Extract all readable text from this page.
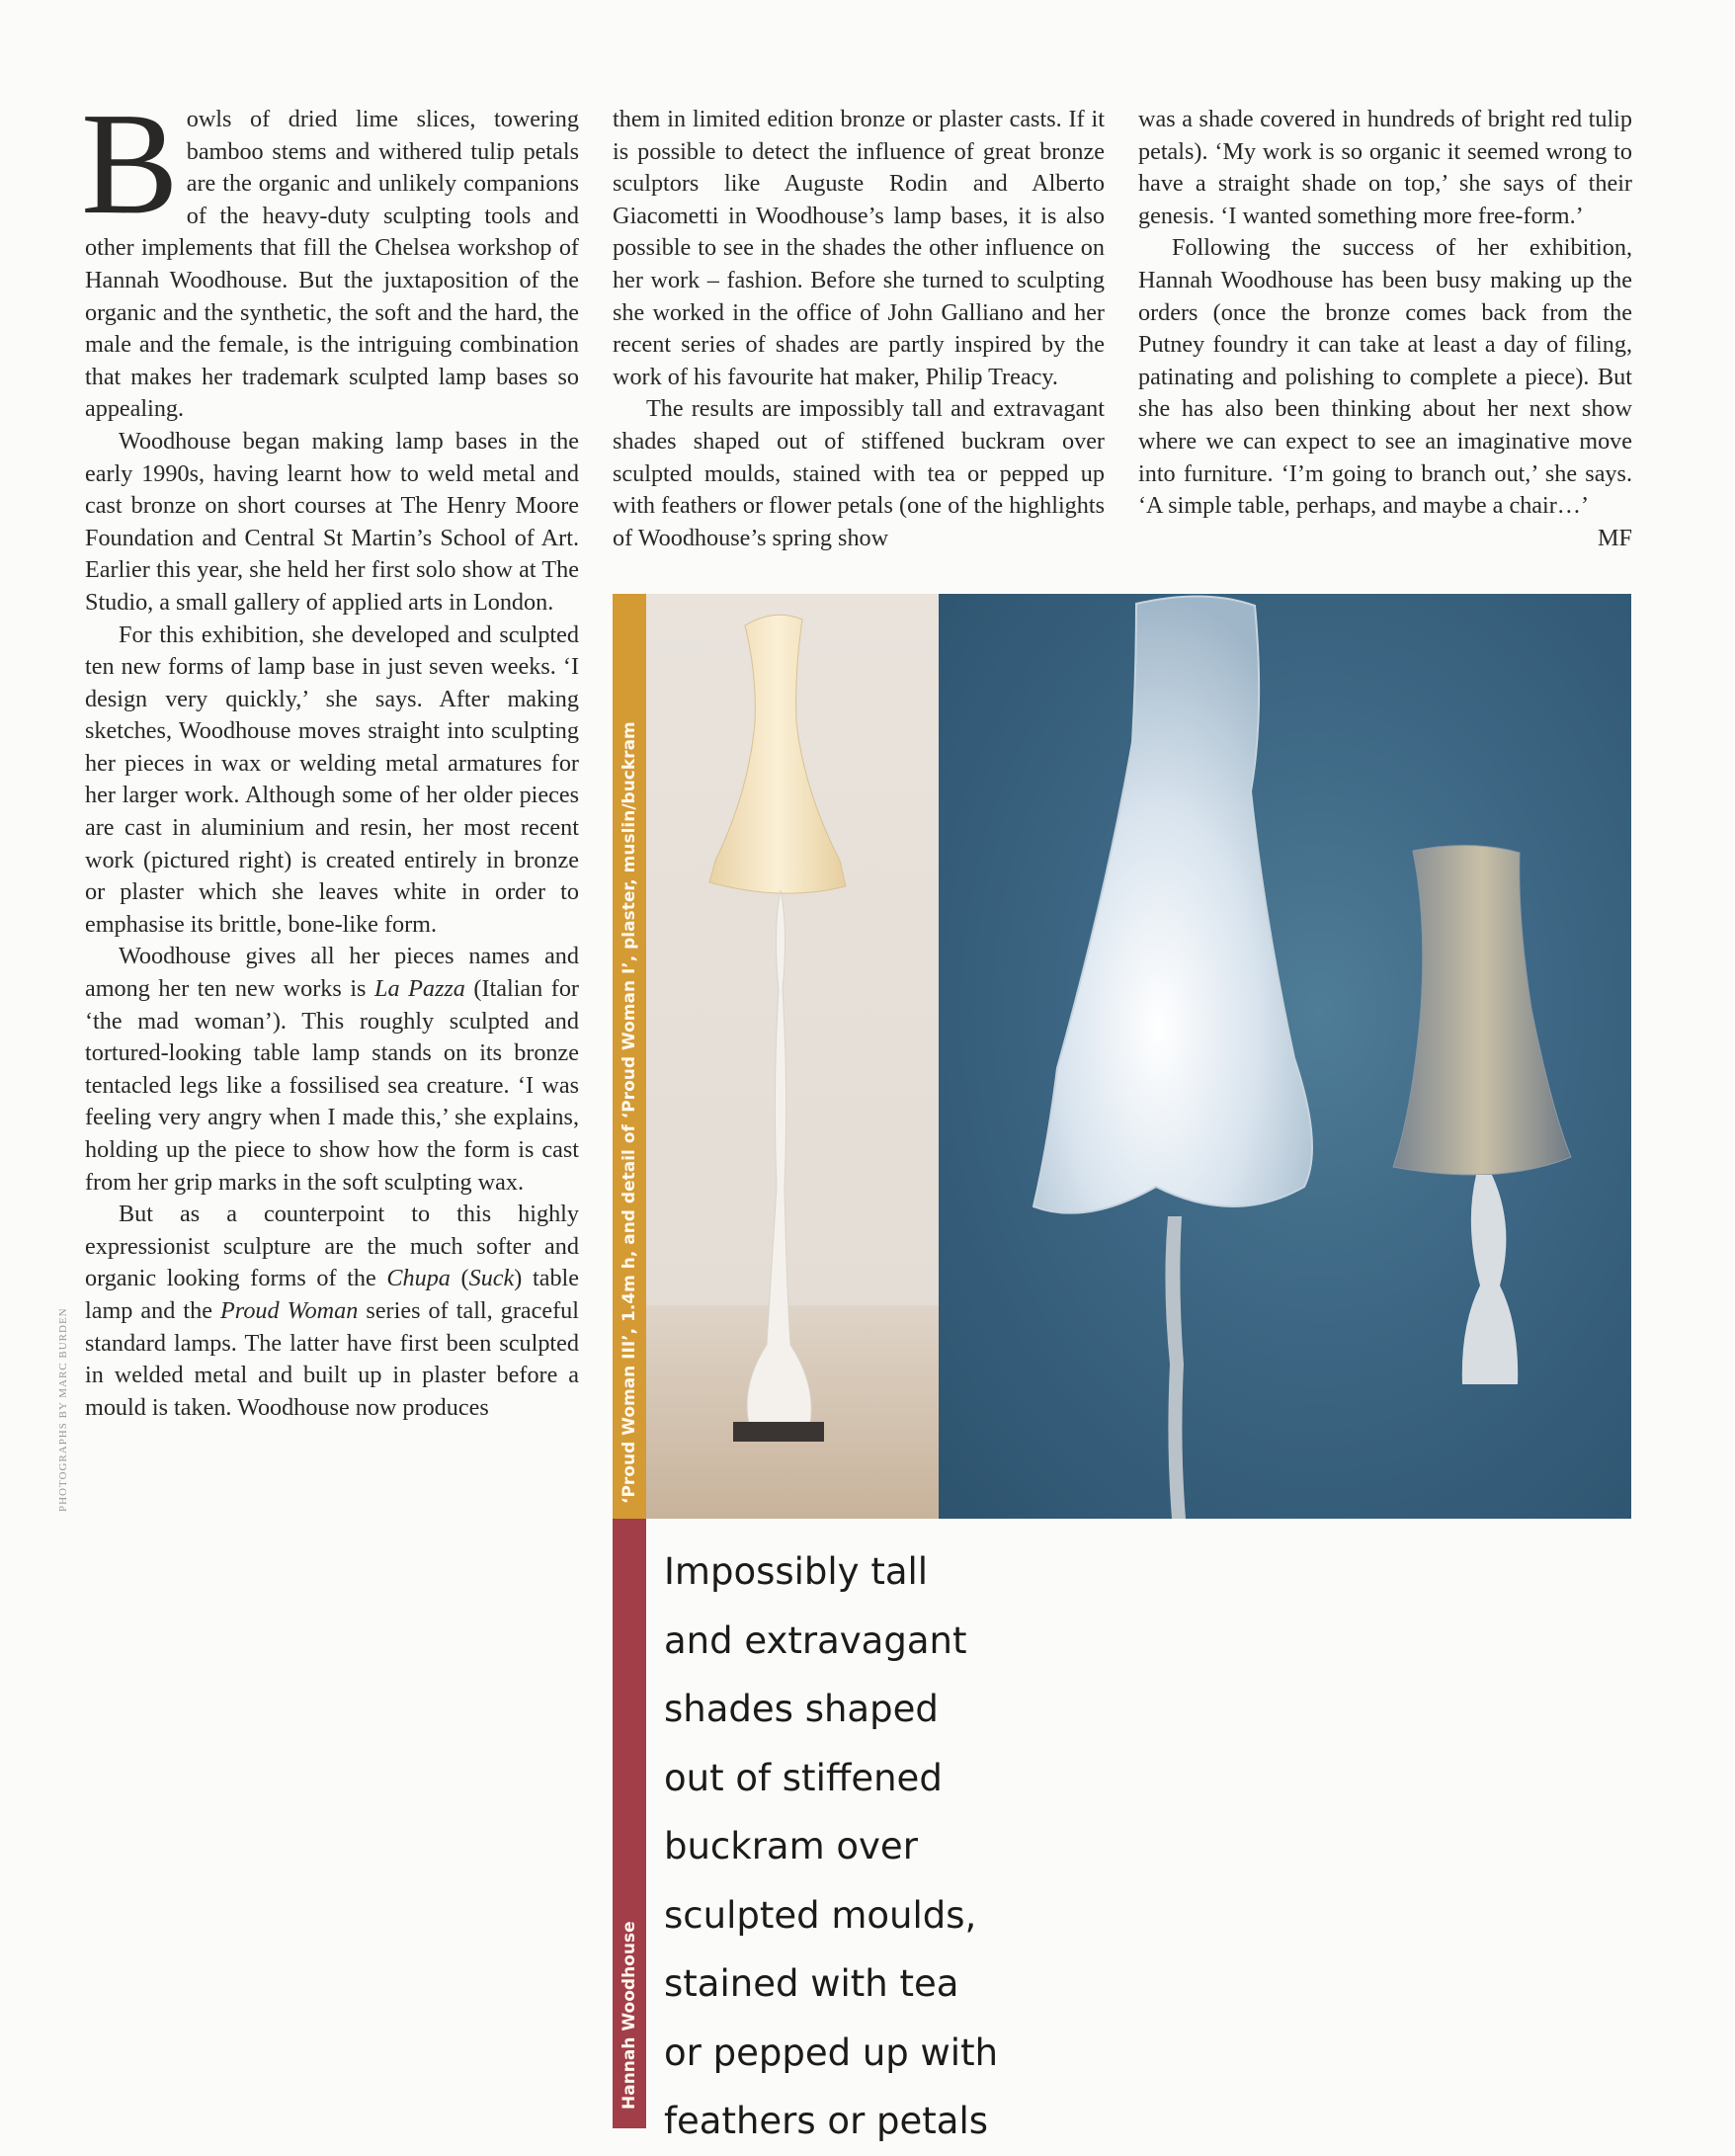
Bowls of dried lime slices, towering bamboo stems and withered tulip petals are the organic and unlikely companions of the heavy-duty sculpting tools and other implements that fill the Chelsea workshop of Hannah Woodhouse. But the juxtaposition of the organic and the synthetic, the soft and the hard, the male and the female, is the intriguing combination that makes her trademark sculpted lamp bases so appealing.

Woodhouse began making lamp bases in the early 1990s, having learnt how to weld metal and cast bronze on short courses at The Henry Moore Foundation and Central St Martin’s School of Art. Earlier this year, she held her first solo show at The Studio, a small gallery of applied arts in London.

For this exhibition, she developed and sculpted ten new forms of lamp base in just seven weeks. ‘I design very quickly,’ she says. After making sketches, Woodhouse moves straight into sculpting her pieces in wax or welding metal armatures for her larger work. Although some of her older pieces are cast in aluminium and resin, her most recent work (pictured right) is created entirely in bronze or plaster which she leaves white in order to emphasise its brittle, bone-like form.

Woodhouse gives all her pieces names and among her ten new works is La Pazza (Italian for ‘the mad woman’). This roughly sculpted and tortured-looking table lamp stands on its bronze tentacled legs like a fossilised sea creature. ‘I was feeling very angry when I made this,’ she explains, holding up the piece to show how the form is cast from her grip marks in the soft sculpting wax.

But as a counterpoint to this highly expressionist sculpture are the much softer and organic looking forms of the Chupa (Suck) table lamp and the Proud Woman series of tall, graceful standard lamps. The latter have first been sculpted in welded metal and built up in plaster before a mould is taken. Woodhouse now produces

them in limited edition bronze or plaster casts. If it is possible to detect the influence of great bronze sculptors like Auguste Rodin and Alberto Giacometti in Woodhouse’s lamp bases, it is also possible to see in the shades the other influence on her work – fashion. Before she turned to sculpting she worked in the office of John Galliano and her recent series of shades are partly inspired by the work of his favourite hat maker, Philip Treacy.

The results are impossibly tall and extravagant shades shaped out of stiffened buckram over sculpted moulds, stained with tea or pepped up with feathers or flower petals (one of the highlights of Woodhouse’s spring show

was a shade covered in hundreds of bright red tulip petals). ‘My work is so organic it seemed wrong to have a straight shade on top,’ she says of their genesis. ‘I wanted something more free-form.’

Following the success of her exhibition, Hannah Woodhouse has been busy making up the orders (once the bronze comes back from the Putney foundry it can take at least a day of filing, patinating and polishing to complete a piece). But she has also been thinking about her next show where we can expect to see an imaginative move into furniture. ‘I’m going to branch out,’ she says. ‘A simple table, perhaps, and maybe a chair…’

MF

PHOTOGRAPHS BY MARC BURDEN	‘Proud Woman III’, 1.4m h, and detail of ‘Proud Woman I’, plaster, muslin/buckram
Hannah Woodhouse
Impossibly tall
and extravagant
shades shaped
out of stiffened
buckram over
sculpted moulds,
stained with tea
or pepped up with
feathers or petals
